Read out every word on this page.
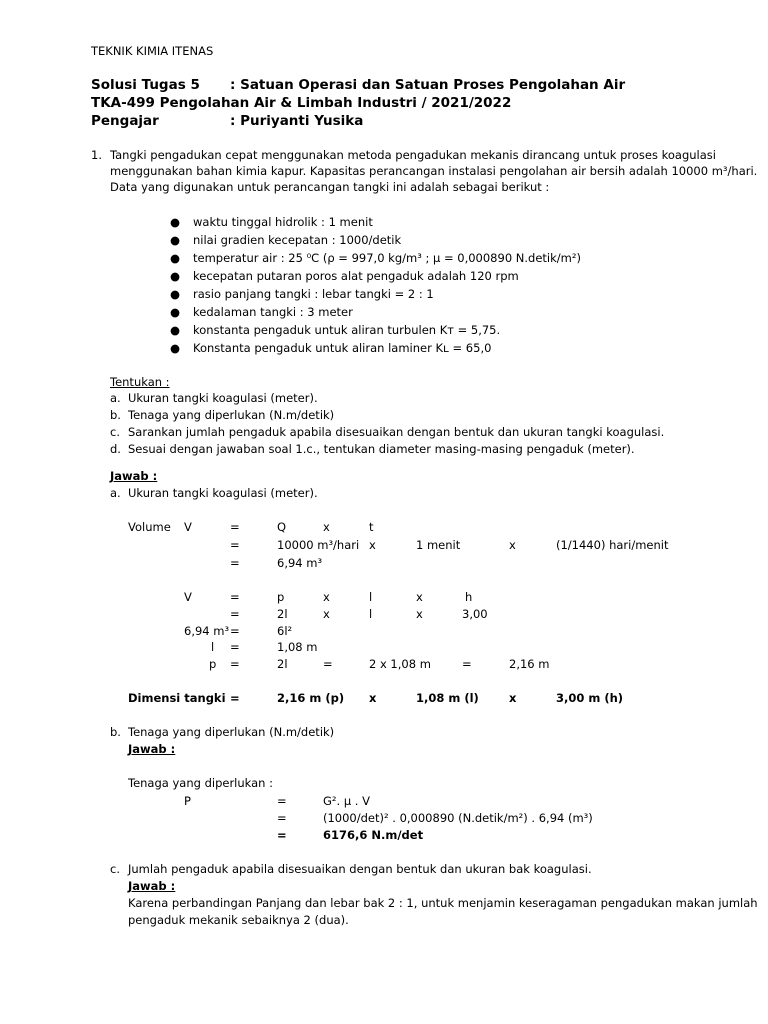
TEKNIK KIMIA ITENAS
Solusi Tugas 5 : Satuan Operasi dan Satuan Proses Pengolahan Air
TKA-499 Pengolahan Air & Limbah Industri / 2021/2022
Pengajar	: Puriyanti Yusika
1. Tangki pengadukan cepat menggunakan metoda pengadukan mekanis dirancang untuk proses koagulasi
menggunakan bahan kimia kapur. Kapasitas perancangan instalasi pengolahan air bersih adalah 10000 m³/hari.
Data yang digunakan untuk perancangan tangki ini adalah sebagai berikut :
● waktu tinggal hidrolik : 1 menit
● nilai gradien kecepatan : 1000/detik
● temperatur air : 25 ⁰C (ρ = 997,0 kg/m³ ; μ = 0,000890 N.detik/m²)
● kecepatan putaran poros alat pengaduk adalah 120 rpm
● rasio panjang tangki : lebar tangki = 2 : 1
● kedalaman tangki : 3 meter
● konstanta pengaduk untuk aliran turbulen Kᴛ = 5,75.
● Konstanta pengaduk untuk aliran laminer Kʟ = 65,0
Tentukan :
a. Ukuran tangki koagulasi (meter).
b. Tenaga yang diperlukan (N.m/detik)
c. Sarankan jumlah pengaduk apabila disesuaikan dengan bentuk dan ukuran tangki koagulasi.
d. Sesuai dengan jawaban soal 1.c., tentukan diameter masing-masing pengaduk (meter).
Jawab :
a. Ukuran tangki koagulasi (meter).
Volume V	=	Q	x	t
=	10000 m³/hari x	1 menit	x	(1/1440) hari/menit
=	6,94 m³
V	=	p	x	l	x	h
=	2l	x	l	x	3,00
6,94 m³ =	6l²
l =	1,08 m
p =	2l	=	2 x 1,08 m	=	2,16 m
Dimensi tangki =	2,16 m (p) x	1,08 m (l)	x	3,00 m (h)
b. Tenaga yang diperlukan (N.m/detik)
Jawab :
Tenaga yang diperlukan :
P	=	G². μ . V
=	(1000/det)² . 0,000890 (N.detik/m²) . 6,94 (m³)
=	6176,6 N.m/det
c. Jumlah pengaduk apabila disesuaikan dengan bentuk dan ukuran bak koagulasi.
Jawab :
Karena perbandingan Panjang dan lebar bak 2 : 1, untuk menjamin keseragaman pengadukan makan jumlah
pengaduk mekanik sebaiknya 2 (dua).
